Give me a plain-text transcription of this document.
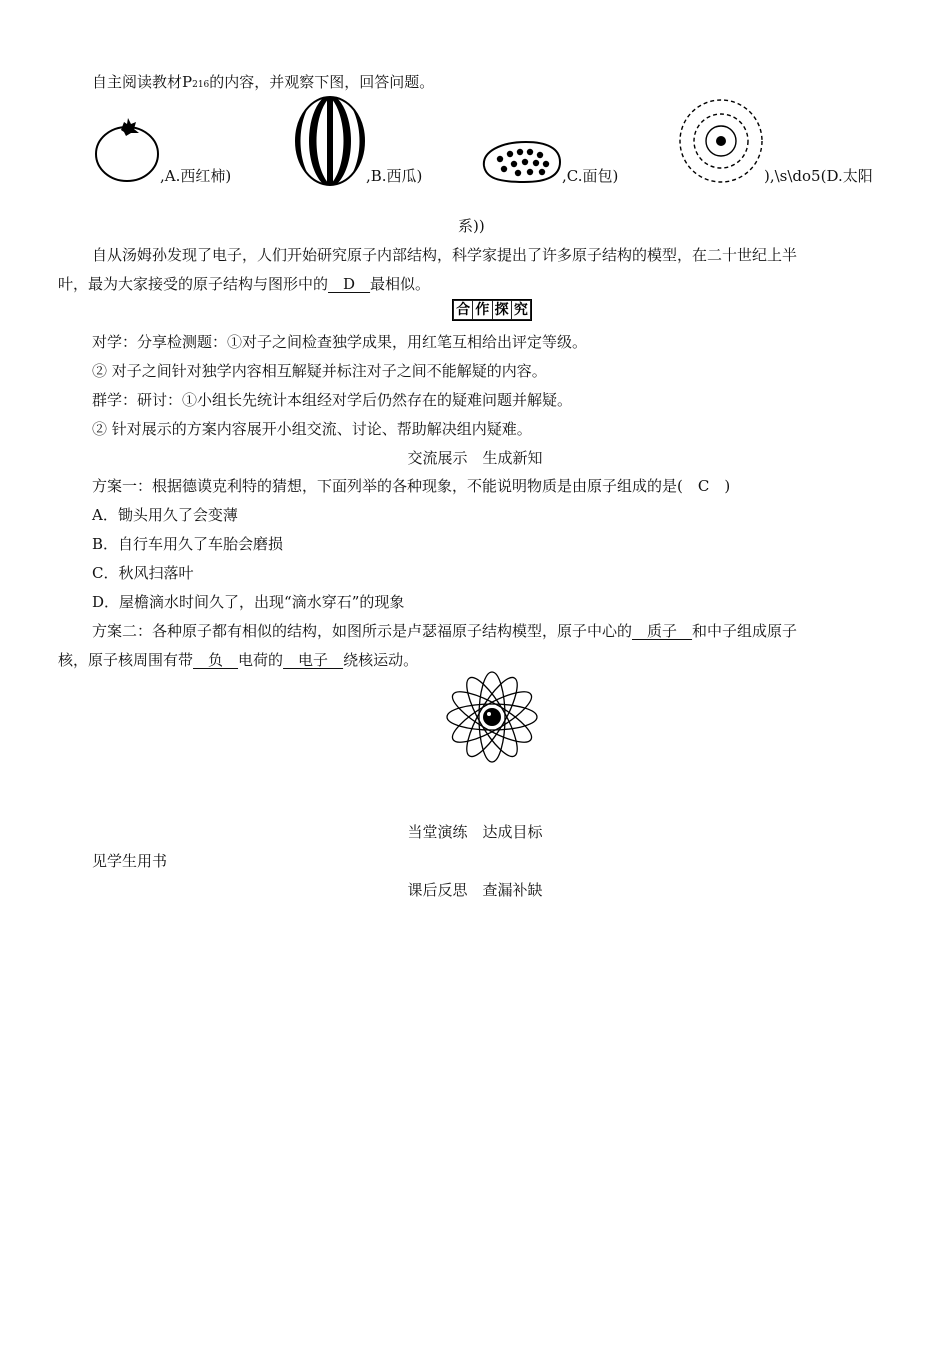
自主阅读教材P216的内容，并观察下图，回答问题。
,A.西红柿)	,B.西瓜)	,C.面包)	),\s\do5(D.太阳
系))
自从汤姆孙发现了电子，人们开始研究原子内部结构，科学家提出了许多原子结构的模型，在二十世纪上半
叶，最为大家接受的原子结构与图形中的　D　最相似。
合 作 探 究
对学：分享检测题：①对子之间检查独学成果，用红笔互相给出评定等级。
② 对子之间针对独学内容相互解疑并标注对子之间不能解疑的内容。
群学：研讨：①小组长先统计本组经对学后仍然存在的疑难问题并解疑。
② 针对展示的方案内容展开小组交流、讨论、帮助解决组内疑难。
交流展示　生成新知
方案一：根据德谟克利特的猜想，下面列举的各种现象，不能说明物质是由原子组成的是(　C　)
A．锄头用久了会变薄
B．自行车用久了车胎会磨损
C．秋风扫落叶
D．屋檐滴水时间久了，出现“滴水穿石”的现象
方案二：各种原子都有相似的结构，如图所示是卢瑟福原子结构模型，原子中心的　质子　和中子组成原子
核，原子核周围有带　负　电荷的　电子　绕核运动。
当堂演练　达成目标
见学生用书
课后反思　查漏补缺
